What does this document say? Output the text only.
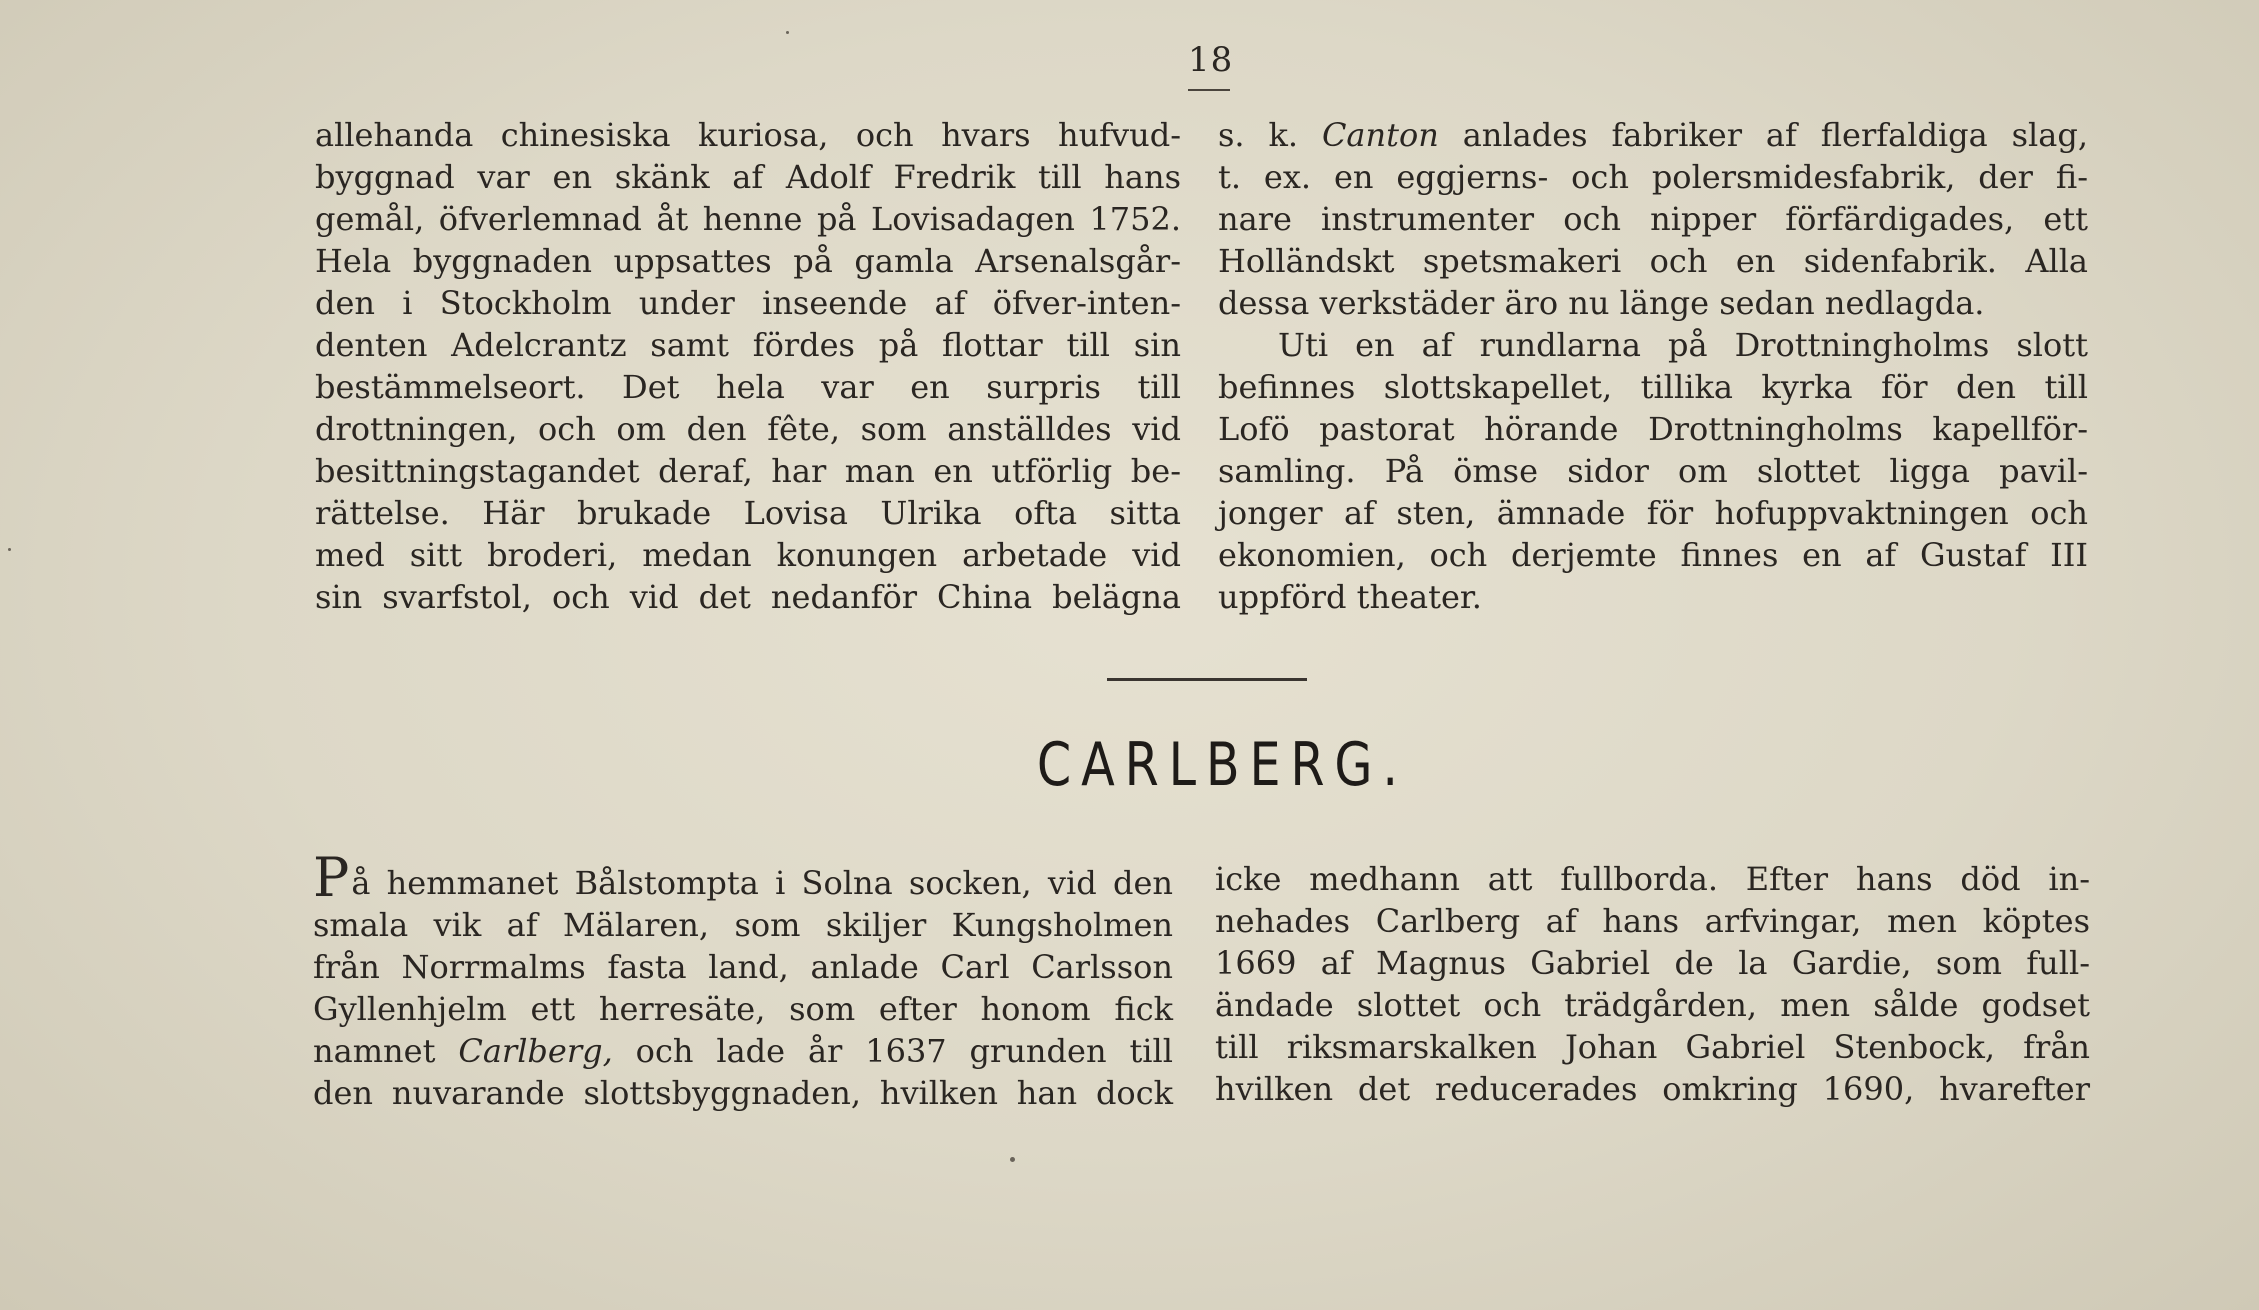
18
allehanda chinesiska kuriosa, och hvars hufvud-
byggnad var en skänk af Adolf Fredrik till hans
gemål, öfverlemnad åt henne på Lovisadagen 1752.
Hela byggnaden uppsattes på gamla Arsenalsgår-
den i Stockholm under inseende af öfver-inten-
denten Adelcrantz samt fördes på flottar till sin
bestämmelseort. Det hela var en surpris till
drottningen, och om den fête, som anställdes vid
besittningstagandet deraf, har man en utförlig be-
rättelse. Här brukade Lovisa Ulrika ofta sitta
med sitt broderi, medan konungen arbetade vid
sin svarfstol, och vid det nedanför China belägna
s. k. Canton anlades fabriker af flerfaldiga slag,
t. ex. en eggjerns- och polersmidesfabrik, der fi-
nare instrumenter och nipper förfärdigades, ett
Holländskt spetsmakeri och en sidenfabrik. Alla
dessa verkstäder äro nu länge sedan nedlagda.
Uti en af rundlarna på Drottningholms slott
befinnes slottskapellet, tillika kyrka för den till
Lofö pastorat hörande Drottningholms kapellför-
samling. På ömse sidor om slottet ligga pavil-
jonger af sten, ämnade för hofuppvaktningen och
ekonomien, och derjemte finnes en af Gustaf III
uppförd theater.
CARLBERG.
På hemmanet Bålstompta i Solna socken, vid den
smala vik af Mälaren, som skiljer Kungsholmen
från Norrmalms fasta land, anlade Carl Carlsson
Gyllenhjelm ett herresäte, som efter honom fick
namnet Carlberg, och lade år 1637 grunden till
den nuvarande slottsbyggnaden, hvilken han dock
icke medhann att fullborda. Efter hans död in-
nehades Carlberg af hans arfvingar, men köptes
1669 af Magnus Gabriel de la Gardie, som full-
ändade slottet och trädgården, men sålde godset
till riksmarskalken Johan Gabriel Stenbock, från
hvilken det reducerades omkring 1690, hvarefter
